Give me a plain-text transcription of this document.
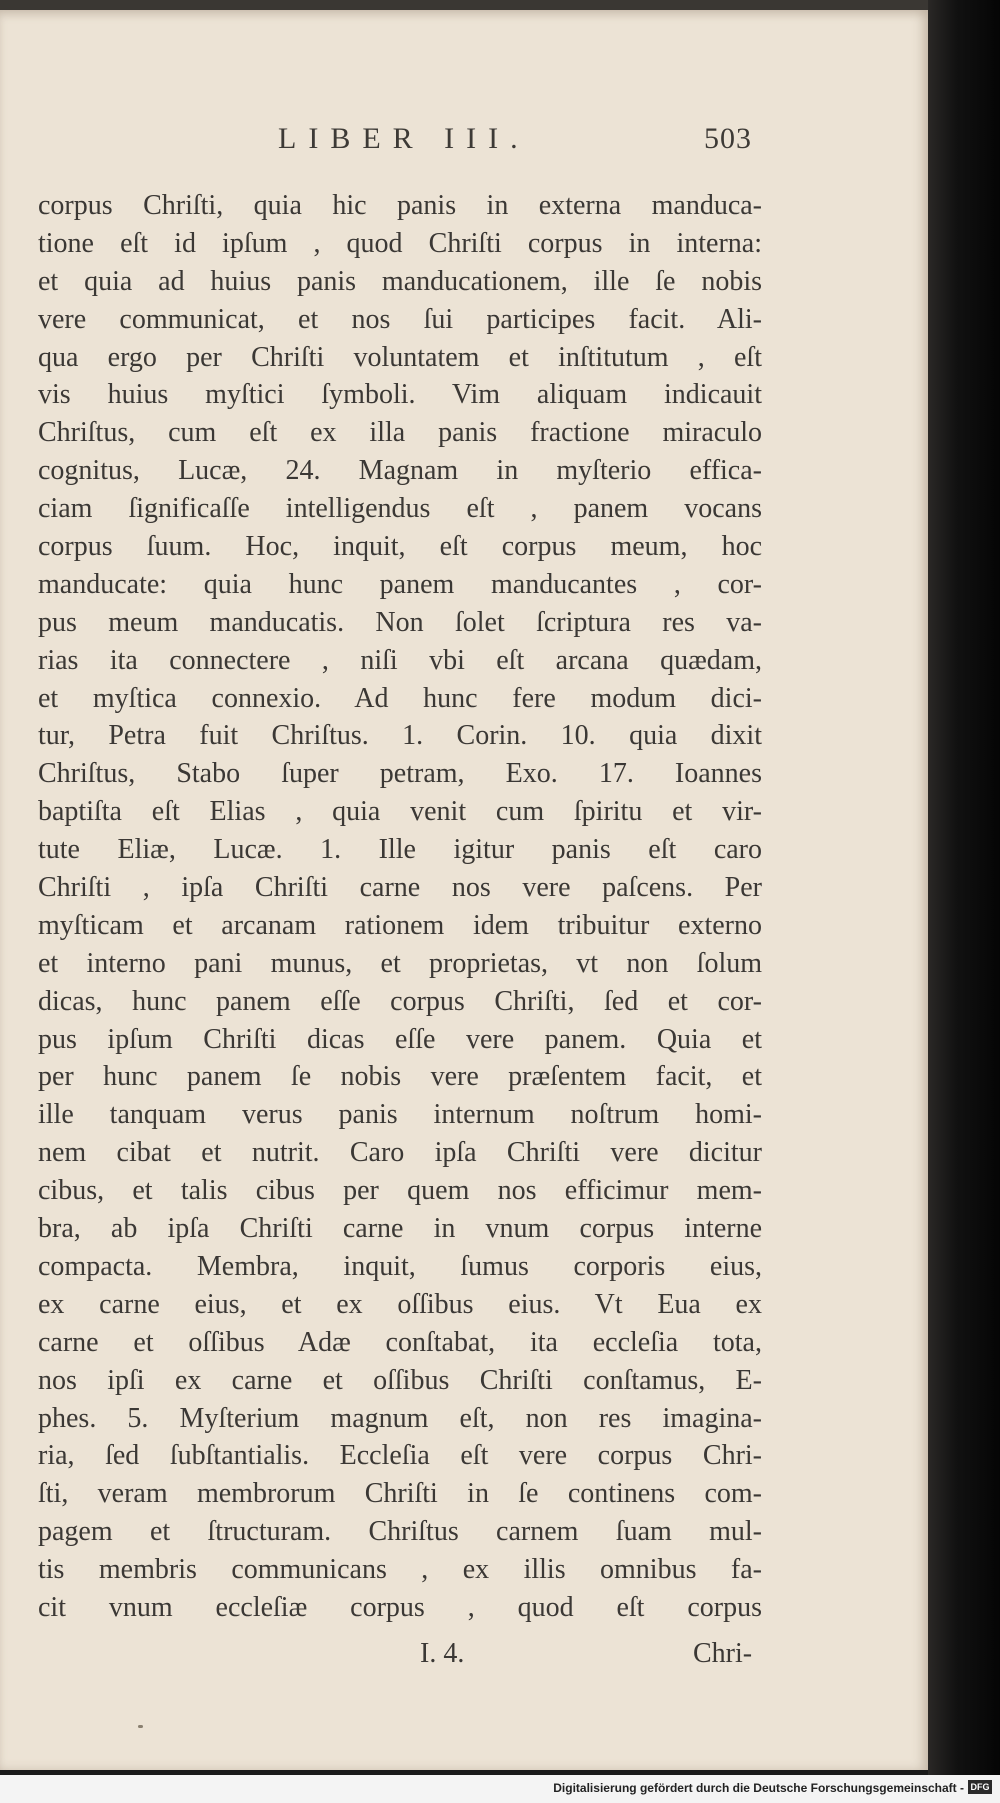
LIBER III.	503
corpus Chriſti, quia hic panis in externa manduca-
tione eſt id ipſum , quod Chriſti corpus in interna:
et quia ad huius panis manducationem, ille ſe nobis
vere communicat, et nos ſui participes facit. Ali-
qua ergo per Chriſti voluntatem et inſtitutum , eſt
vis huius myſtici ſymboli. Vim aliquam indicauit
Chriſtus, cum eſt ex illa panis fractione miraculo
cognitus, Lucæ, 24. Magnam in myſterio effica-
ciam ſignificaſſe intelligendus eſt , panem vocans
corpus ſuum. Hoc, inquit, eſt corpus meum, hoc
manducate: quia hunc panem manducantes , cor-
pus meum manducatis. Non ſolet ſcriptura res va-
rias ita connectere , niſi vbi eſt arcana quædam,
et myſtica connexio. Ad hunc fere modum dici-
tur, Petra fuit Chriſtus. 1. Corin. 10. quia dixit
Chriſtus, Stabo ſuper petram, Exo. 17. Ioannes
baptiſta eſt Elias , quia venit cum ſpiritu et vir-
tute Eliæ, Lucæ. 1. Ille igitur panis eſt caro
Chriſti , ipſa Chriſti carne nos vere paſcens. Per
myſticam et arcanam rationem idem tribuitur externo
et interno pani munus, et proprietas, vt non ſolum
dicas, hunc panem eſſe corpus Chriſti, ſed et cor-
pus ipſum Chriſti dicas eſſe vere panem. Quia et
per hunc panem ſe nobis vere præſentem facit, et
ille tanquam verus panis internum noſtrum homi-
nem cibat et nutrit. Caro ipſa Chriſti vere dicitur
cibus, et talis cibus per quem nos efficimur mem-
bra, ab ipſa Chriſti carne in vnum corpus interne
compacta. Membra, inquit, ſumus corporis eius,
ex carne eius, et ex oſſibus eius. Vt Eua ex
carne et oſſibus Adæ conſtabat, ita eccleſia tota,
nos ipſi ex carne et oſſibus Chriſti conſtamus, E-
phes. 5. Myſterium magnum eſt, non res imagina-
ria, ſed ſubſtantialis. Eccleſia eſt vere corpus Chri-
ſti, veram membrorum Chriſti in ſe continens com-
pagem et ſtructuram. Chriſtus carnem ſuam mul-
tis membris communicans , ex illis omnibus fa-
cit vnum eccleſiæ corpus , quod eſt corpus
I. 4.	Chri-
Digitalisierung gefördert durch die Deutsche Forschungsgemeinschaft - DFG
